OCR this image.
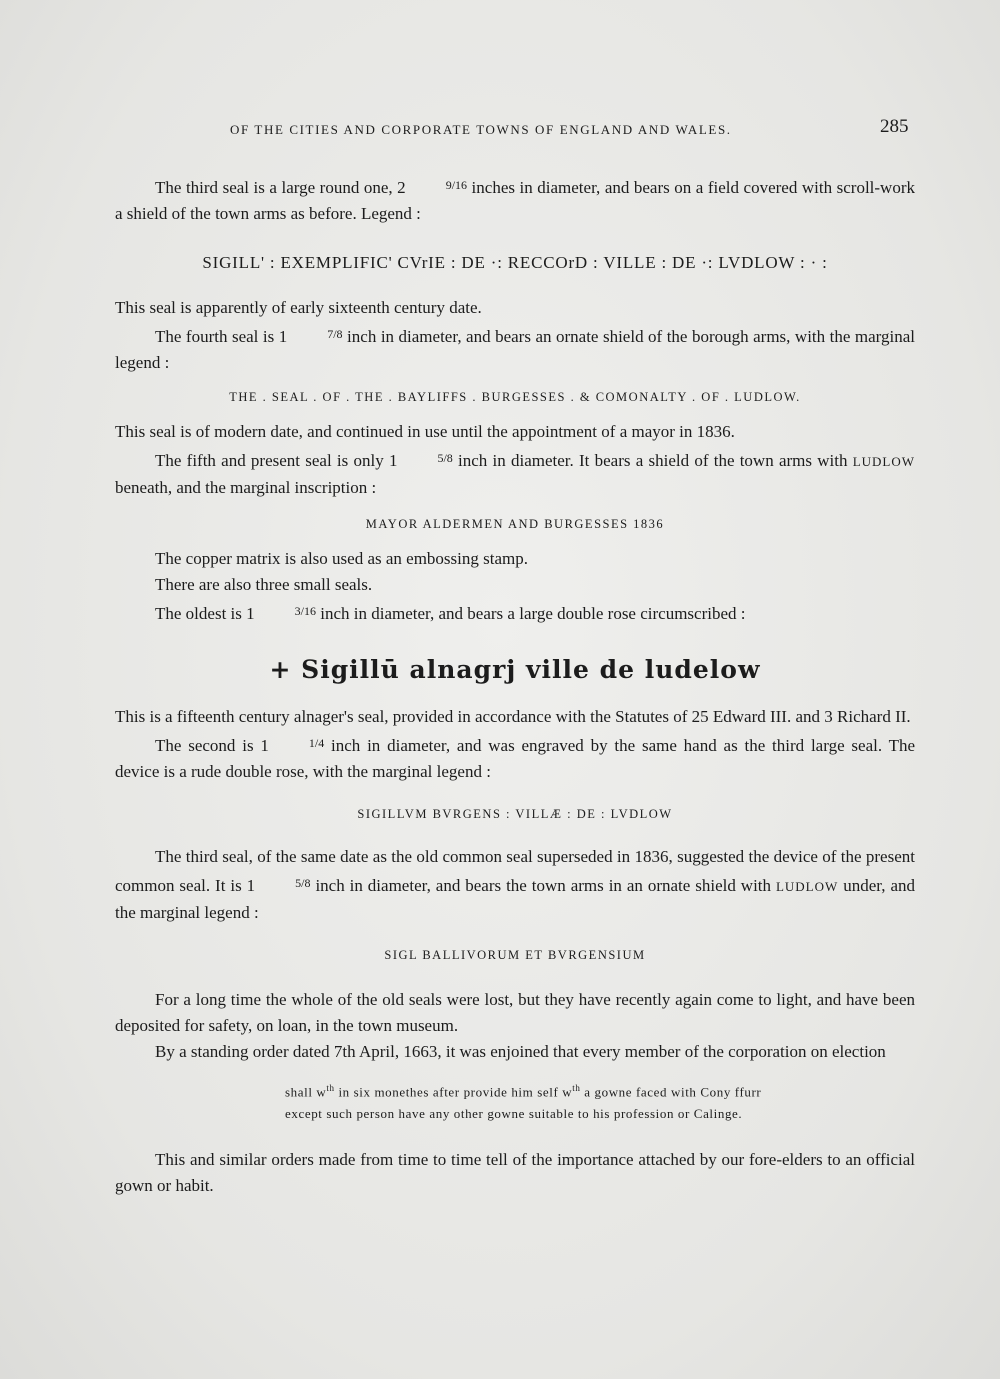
OF THE CITIES AND CORPORATE TOWNS OF ENGLAND AND WALES.	285

The third seal is a large round one, 2	9/16 inches in diameter, and bears on a field covered with scroll-work a shield of the town arms as before. Legend :

SIGILL' : EXEMPLIFIC' CVrIE : DE ·: RECCOrD : VILLE : DE ·: LVDLOW : · :

This seal is apparently of early sixteenth century date.

The fourth seal is 1	7/8 inch in diameter, and bears an ornate shield of the borough arms, with the marginal legend :

THE . SEAL . OF . THE . BAYLIFFS . BURGESSES . & COMONALTY . OF . LUDLOW.

This seal is of modern date, and continued in use until the appointment of a mayor in 1836.

The fifth and present seal is only 1	5/8 inch in diameter. It bears a shield of the town arms with LUDLOW beneath, and the marginal inscription :

MAYOR ALDERMEN AND BURGESSES 1836

The copper matrix is also used as an embossing stamp.

There are also three small seals.

The oldest is 1	3/16 inch in diameter, and bears a large double rose circumscribed :

+ Sigillū alnagrj ville de ludelow

This is a fifteenth century alnager's seal, provided in accordance with the Statutes of 25 Edward III. and 3 Richard II.

The second is 1	1/4 inch in diameter, and was engraved by the same hand as the third large seal. The device is a rude double rose, with the marginal legend :

SIGILLVM BVRGENS : VILLÆ : DE : LVDLOW

The third seal, of the same date as the old common seal superseded in 1836, suggested the device of the present common seal. It is 1	5/8 inch in diameter, and bears the town arms in an ornate shield with LUDLOW under, and the marginal legend :

SIGL BALLIVORUM ET BVRGENSIUM

For a long time the whole of the old seals were lost, but they have recently again come to light, and have been deposited for safety, on loan, in the town museum.

By a standing order dated 7th April, 1663, it was enjoined that every member of the corporation on election

shall $w^{th}$ in six monethes after provide him self $w^{th}$ a gowne faced with Cony ffurr
except such person have any other gowne suitable to his profession or Calinge.

This and similar orders made from time to time tell of the importance attached by our fore-elders to an official gown or habit.
